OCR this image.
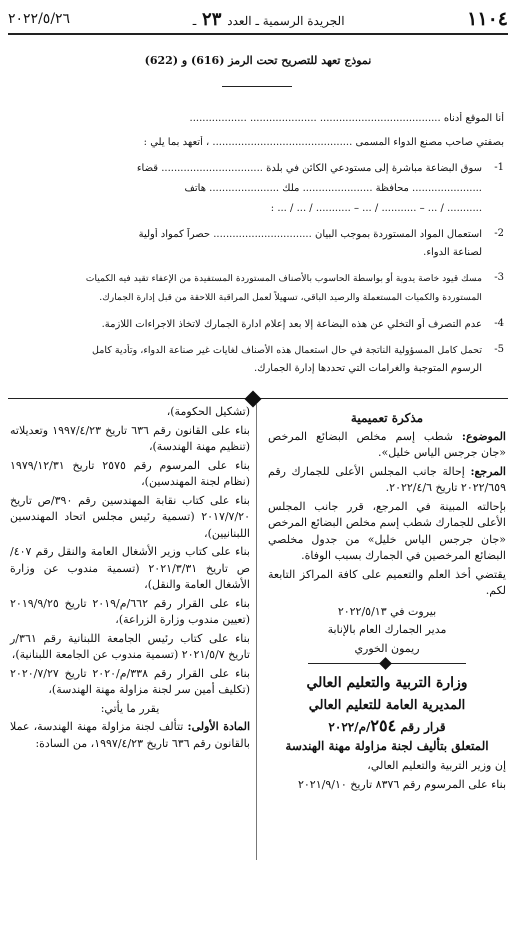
١١٠٤
الجريدة الرسمية ـ العدد ٢٣ ـ
٢٠٢٢/٥/٢٦
نموذج تعهد للتصريح تحت الرمز (616) و (622)
أنا الموقع أدناه ...................................... ..................... ..................
بصفتي صاحب مصنع الدواء المسمى ............................................ ، أتعهد بما يلي :
1-
سوق البضاعة مباشرة إلى مستودعي الكائن في بلدة ................................ قضاء
...................... محافظة ...................... ملك ...................... هاتف
........... / ... – ........... / ... – ........... / ... / ... :
2-
استعمال المواد المستوردة بموجب البيان ............................... حصراً كمواد أولية
لصناعة الدواء.
3-
مسك قيود خاصة يدوية أو بواسطة الحاسوب بالأصناف المستوردة المستفيدة من الإعفاء تقيد فيه الكميات
المستوردة والكميات المستعملة والرصيد الباقي، تسهيلاً لعمل المراقبة اللاحقة من قبل إدارة الجمارك.
4-
عدم التصرف أو التخلي عن هذه البضاعة إلا بعد إعلام ادارة الجمارك لاتخاذ الاجراءات اللازمة.
5-
تحمل كامل المسؤولية الناتجة في حال استعمال هذه الأصناف لغايات غير صناعة الدواء، وتأدية كامل
الرسوم المتوجبة والغرامات التي تحددها إدارة الجمارك.

مذكرة تعميمية

الموضوع: شطب إسم مخلص البضائع المرخص «جان جرجس الياس خليل».

المرجع: إحالة جانب المجلس الأعلى للجمارك رقم ٢٠٢٢/٦٥٩ تاريخ ٢٠٢٢/٤/٦.

بإحالته المبينة في المرجع، قرر جانب المجلس الأعلى للجمارك شطب إسم مخلص البضائع المرخص «جان جرجس الياس خليل» من جدول مخلصي البضائع المرخصين في الجمارك بسبب الوفاة.

يقتضي أخذ العلم والتعميم على كافة المراكز التابعة لكم.

بيروت في ٢٠٢٢/٥/١٣

مدير الجمارك العام بالإنابة

ريمون الخوري

وزارة التربية والتعليم العالي

المديرية العامة للتعليم العالي

قرار رقم ٢٥٤/م/٢٠٢٢

المتعلق بتأليف لجنة مزاولة مهنة الهندسة

إن وزير التربية والتعليم العالي،

بناء على المرسوم رقم ٨٣٧٦ تاريخ ٢٠٢١/٩/١٠

(تشكيل الحكومة)،

بناء على القانون رقم ٦٣٦ تاريخ ١٩٩٧/٤/٢٣ وتعديلاته (تنظيم مهنة الهندسة)،

بناء على المرسوم رقم ٢٥٧٥ تاريخ ١٩٧٩/١٢/٣١ (نظام لجنة المهندسين)،

بناء على كتاب نقابة المهندسين رقم ٣٩٠/ص تاريخ ٢٠١٧/٧/٢٠ (تسمية رئيس مجلس اتحاد المهندسين اللبنانيين)،

بناء على كتاب وزير الأشغال العامة والنقل رقم ٤٠٧/ص تاريخ ٢٠٢١/٣/٣١ (تسمية مندوب عن وزارة الأشغال العامة والنقل)،

بناء على القرار رقم ٦٦٢/م/٢٠١٩ تاريخ ٢٠١٩/٩/٢٥ (تعيين مندوب وزارة الزراعة)،

بناء على كتاب رئيس الجامعة اللبنانية رقم ٣٦١/ر تاريخ ٢٠٢١/٥/٧ (تسمية مندوب عن الجامعة اللبنانية)،

بناء على القرار رقم ٣٣٨/م/٢٠٢٠ تاريخ ٢٠٢٠/٧/٢٧ (تكليف أمين سر لجنة مزاولة مهنة الهندسة)،

يقرر ما يأتي:

المادة الأولى: تتألف لجنة مزاولة مهنة الهندسة، عملا بالقانون رقم ٦٣٦ تاريخ ١٩٩٧/٤/٢٣، من السادة:
